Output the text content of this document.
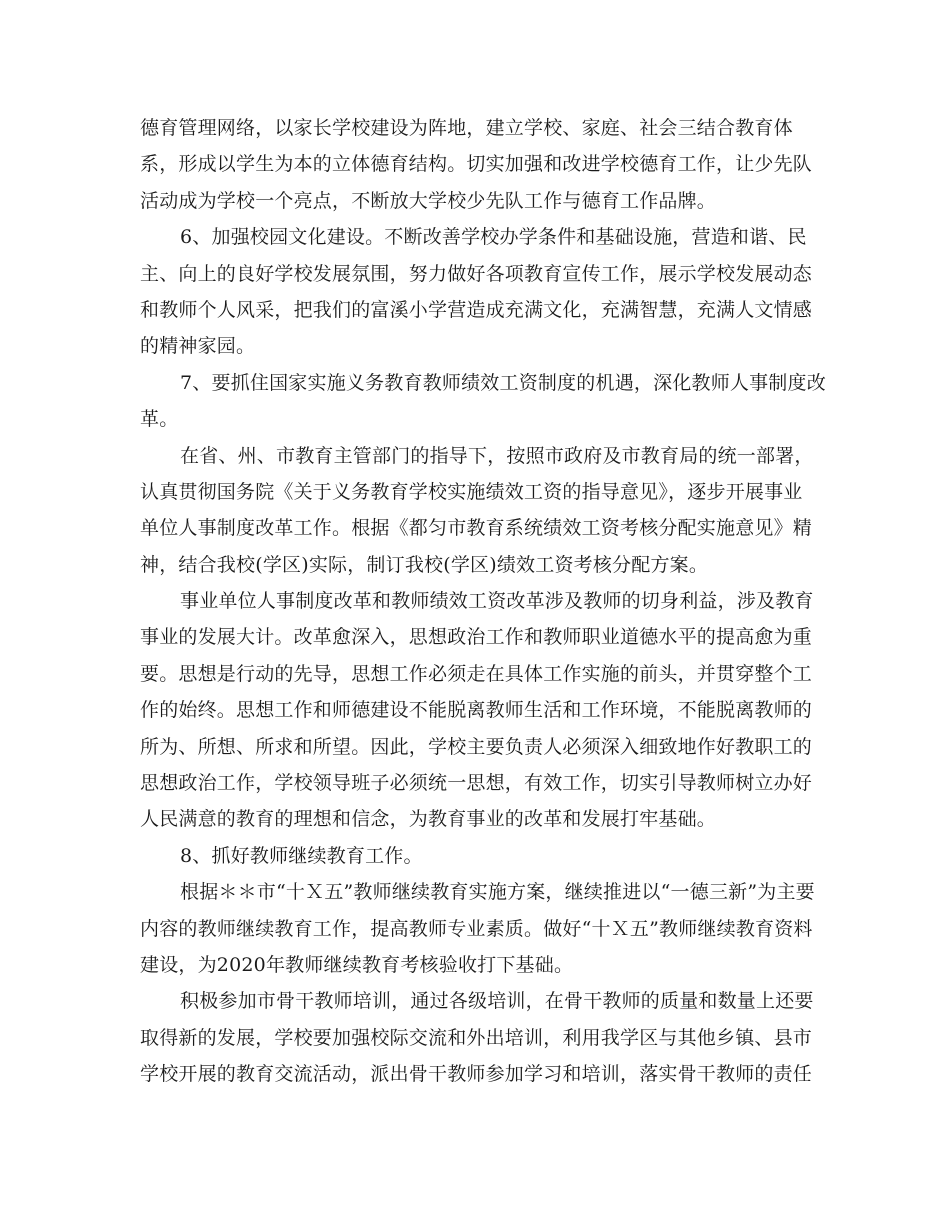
德育管理网络，以家长学校建设为阵地，建立学校、家庭、社会三结合教育体
系，形成以学生为本的立体德育结构。切实加强和改进学校德育工作，让少先队
活动成为学校一个亮点，不断放大学校少先队工作与德育工作品牌。
6、加强校园文化建设。不断改善学校办学条件和基础设施，营造和谐、民
主、向上的良好学校发展氛围，努力做好各项教育宣传工作，展示学校发展动态
和教师个人风采，把我们的富溪小学营造成充满文化，充满智慧，充满人文情感
的精神家园。
7、要抓住国家实施义务教育教师绩效工资制度的机遇，深化教师人事制度改
革。
在省、州、市教育主管部门的指导下，按照市政府及市教育局的统一部署，
认真贯彻国务院《关于义务教育学校实施绩效工资的指导意见》，逐步开展事业
单位人事制度改革工作。根据《都匀市教育系统绩效工资考核分配实施意见》精
神，结合我校(学区)实际，制订我校(学区)绩效工资考核分配方案。
事业单位人事制度改革和教师绩效工资改革涉及教师的切身利益，涉及教育
事业的发展大计。改革愈深入，思想政治工作和教师职业道德水平的提高愈为重
要。思想是行动的先导，思想工作必须走在具体工作实施的前头，并贯穿整个工
作的始终。思想工作和师德建设不能脱离教师生活和工作环境，不能脱离教师的
所为、所想、所求和所望。因此，学校主要负责人必须深入细致地作好教职工的
思想政治工作，学校领导班子必须统一思想，有效工作，切实引导教师树立办好
人民满意的教育的理想和信念，为教育事业的改革和发展打牢基础。
8、抓好教师继续教育工作。
根据＊＊市“十Ｘ五”教师继续教育实施方案，继续推进以“一德三新”为主要
内容的教师继续教育工作，提高教师专业素质。做好“十Ｘ五”教师继续教育资料
建设，为2020年教师继续教育考核验收打下基础。
积极参加市骨干教师培训，通过各级培训，在骨干教师的质量和数量上还要
取得新的发展，学校要加强校际交流和外出培训，利用我学区与其他乡镇、县市
学校开展的教育交流活动，派出骨干教师参加学习和培训，落实骨干教师的责任
